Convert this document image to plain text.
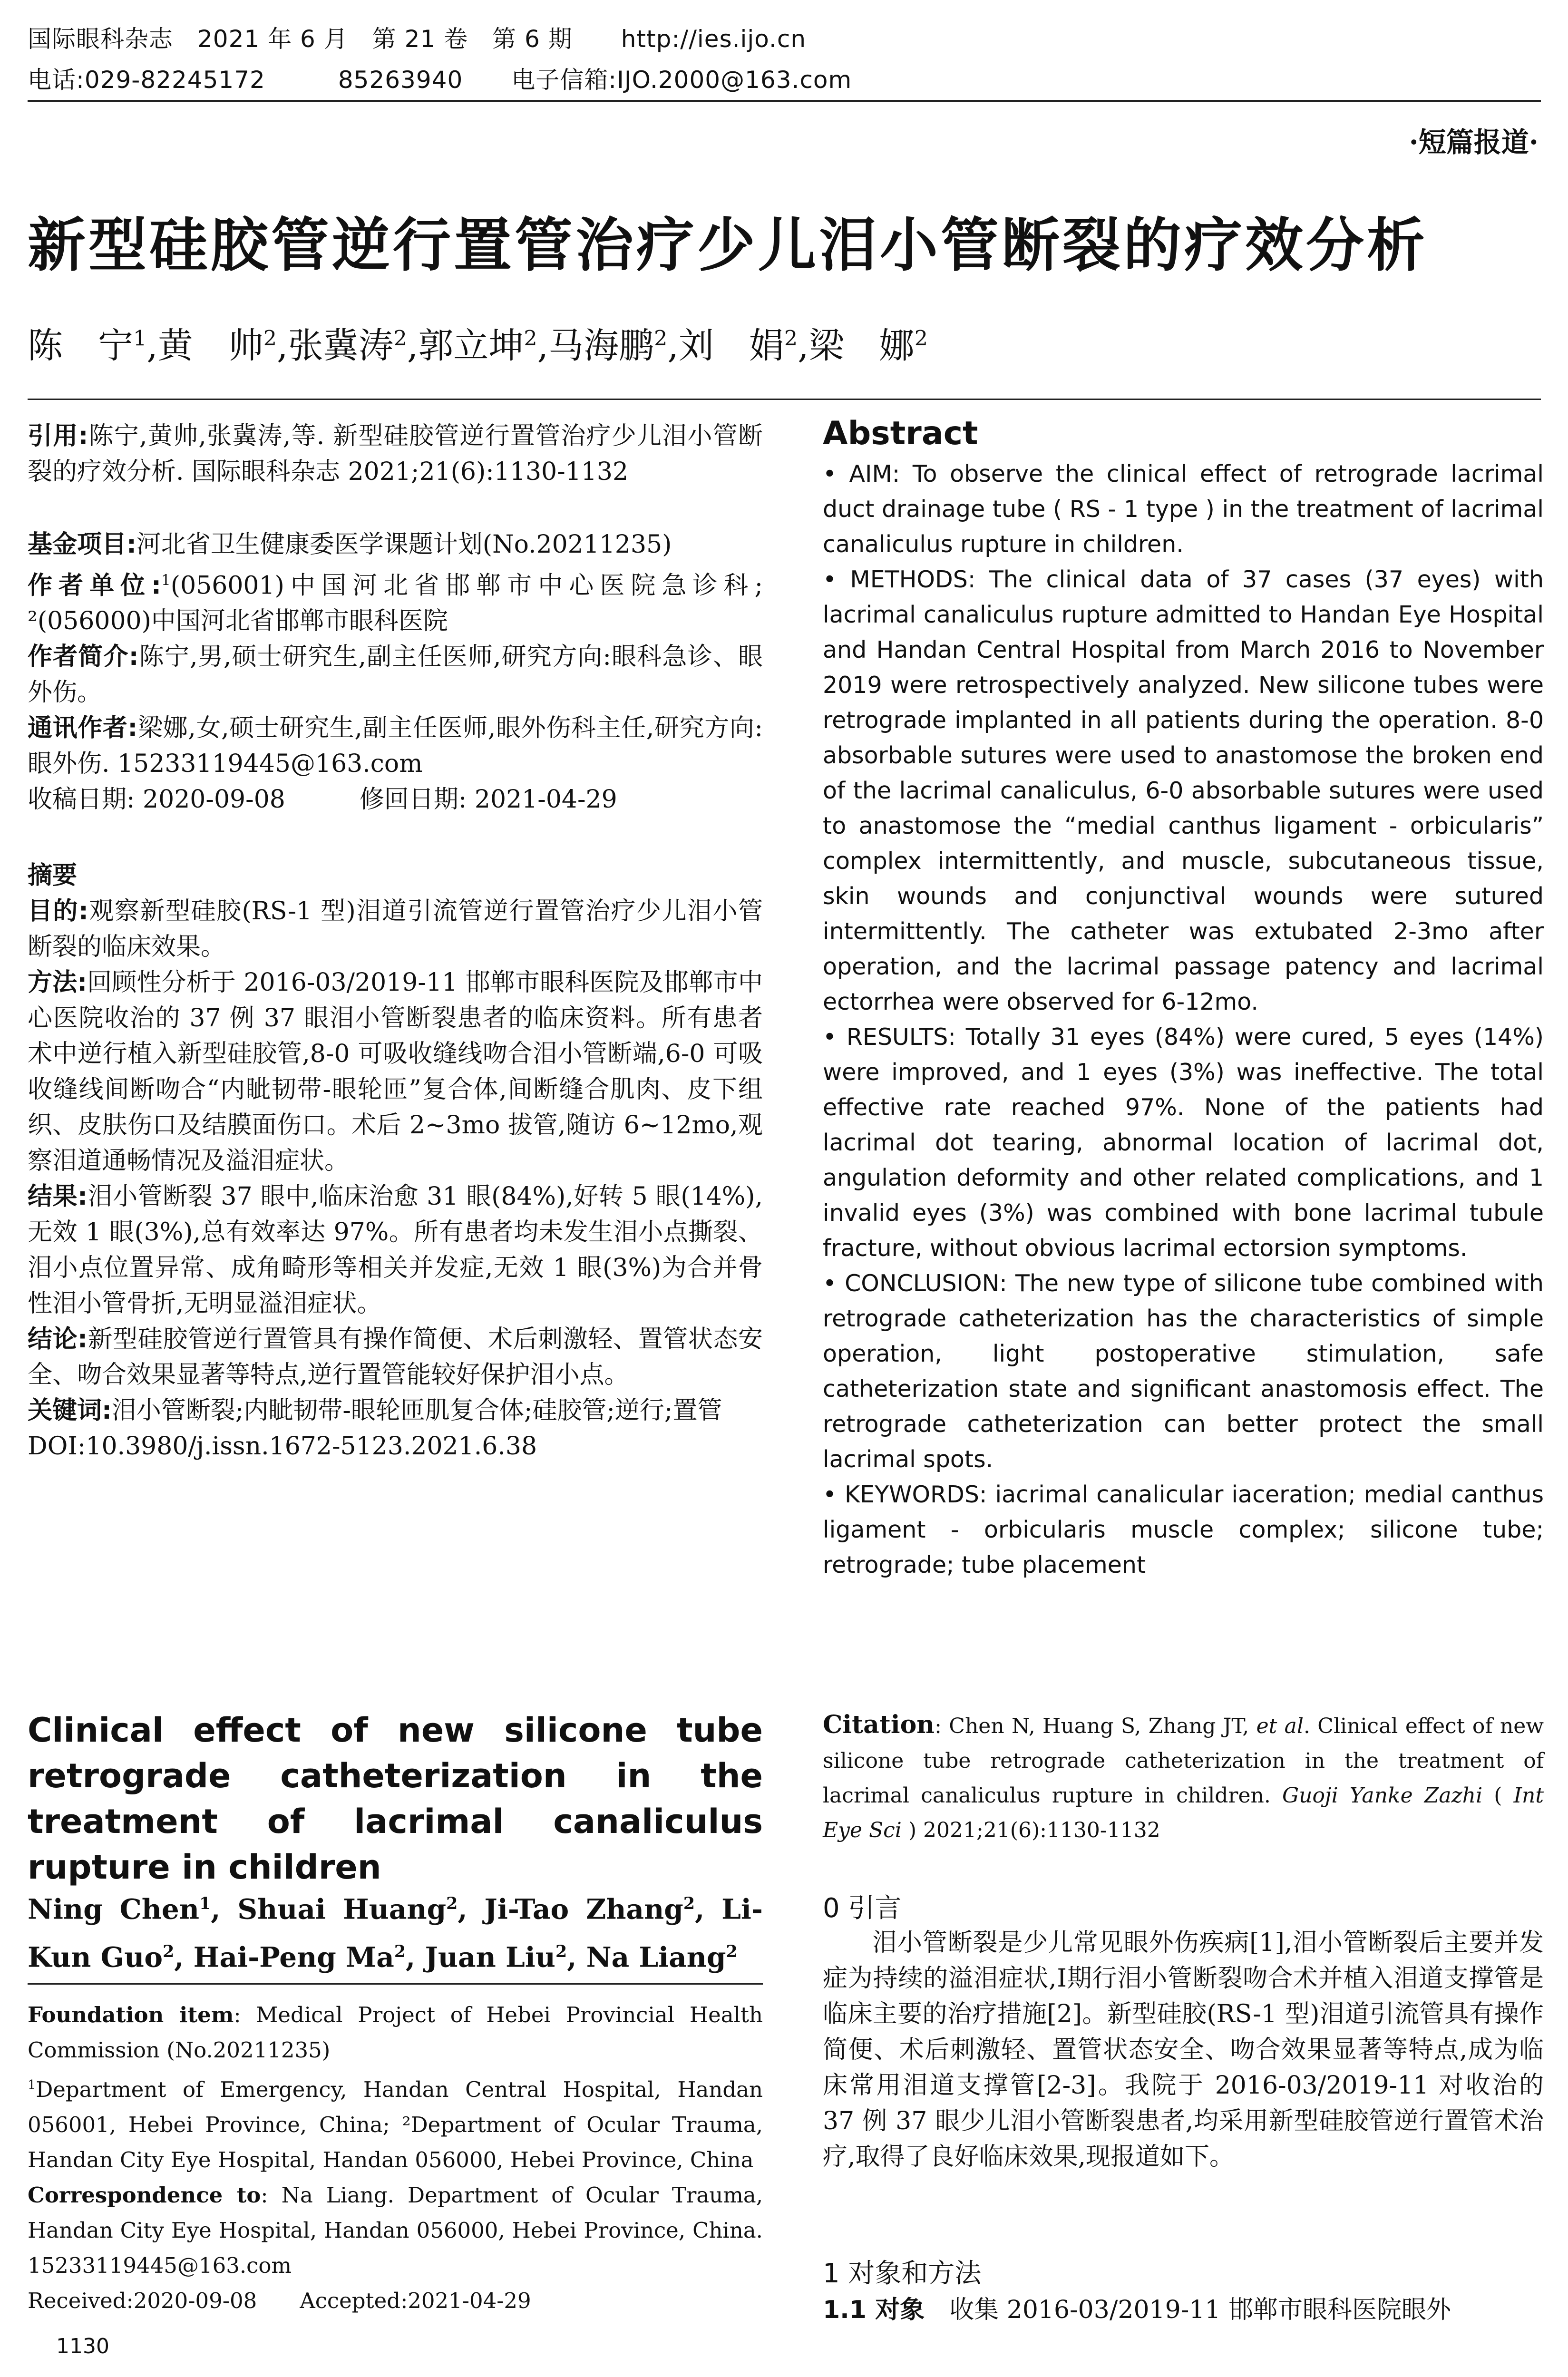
国际眼科杂志　2021 年 6 月　第 21 卷　第 6 期　　http://ies.ijo.cn
电话:029-82245172　　　85263940　　电子信箱:IJO.2000@163.com
·短篇报道·
新型硅胶管逆行置管治疗少儿泪小管断裂的疗效分析
陈　宁$^1$,黄　帅$^2$,张冀涛$^2$,郭立坤$^2$,马海鹏$^2$,刘　娟$^2$,梁　娜$^2$
引用:陈宁,黄帅,张冀涛,等. 新型硅胶管逆行置管治疗少儿泪小管断裂的疗效分析. 国际眼科杂志 2021;21(6):1130-1132

基金项目:河北省卫生健康委医学课题计划(No.20211235)

作者单位:$^1$(056001)中国河北省邯郸市中心医院急诊科; ²(056000)中国河北省邯郸市眼科医院

作者简介:陈宁,男,硕士研究生,副主任医师,研究方向:眼科急诊、眼外伤。

通讯作者:梁娜,女,硕士研究生,副主任医师,眼外伤科主任,研究方向:眼外伤. 15233119445@163.com

收稿日期: 2020-09-08　　　修回日期: 2021-04-29

摘要

目的:观察新型硅胶(RS-1 型)泪道引流管逆行置管治疗少儿泪小管断裂的临床效果。

方法:回顾性分析于 2016-03/2019-11 邯郸市眼科医院及邯郸市中心医院收治的 37 例 37 眼泪小管断裂患者的临床资料。所有患者术中逆行植入新型硅胶管,8-0 可吸收缝线吻合泪小管断端,6-0 可吸收缝线间断吻合“内眦韧带-眼轮匝”复合体,间断缝合肌肉、皮下组织、皮肤伤口及结膜面伤口。术后 2~3mo 拔管,随访 6~12mo,观察泪道通畅情况及溢泪症状。

结果:泪小管断裂 37 眼中,临床治愈 31 眼(84%),好转 5 眼(14%),无效 1 眼(3%),总有效率达 97%。所有患者均未发生泪小点撕裂、泪小点位置异常、成角畸形等相关并发症,无效 1 眼(3%)为合并骨性泪小管骨折,无明显溢泪症状。

结论:新型硅胶管逆行置管具有操作简便、术后刺激轻、置管状态安全、吻合效果显著等特点,逆行置管能较好保护泪小点。

关键词:泪小管断裂;内眦韧带-眼轮匝肌复合体;硅胶管;逆行;置管

DOI:10.3980/j.issn.1672-5123.2021.6.38

Clinical effect of new silicone tube retrograde catheterization in the treatment of lacrimal canaliculus rupture in children
Ning Chen$^1$, Shuai Huang$^2$, Ji-Tao Zhang$^2$, Li-Kun Guo$^2$, Hai-Peng Ma$^2$, Juan Liu$^2$, Na Liang$^2$

Foundation item: Medical Project of Hebei Provincial Health Commission (No.20211235)

$^1$Department of Emergency, Handan Central Hospital, Handan 056001, Hebei Province, China; ²Department of Ocular Trauma, Handan City Eye Hospital, Handan 056000, Hebei Province, China

Correspondence to: Na Liang. Department of Ocular Trauma, Handan City Eye Hospital, Handan 056000, Hebei Province, China. 15233119445@163.com

Received:2020-09-08　　Accepted:2021-04-29

1130
Abstract

• AIM: To observe the clinical effect of retrograde lacrimal duct drainage tube ( RS - 1 type ) in the treatment of lacrimal canaliculus rupture in children.

• METHODS: The clinical data of 37 cases (37 eyes) with lacrimal canaliculus rupture admitted to Handan Eye Hospital and Handan Central Hospital from March 2016 to November 2019 were retrospectively analyzed. New silicone tubes were retrograde implanted in all patients during the operation. 8-0 absorbable sutures were used to anastomose the broken end of the lacrimal canaliculus, 6-0 absorbable sutures were used to anastomose the “medial canthus ligament - orbicularis” complex intermittently, and muscle, subcutaneous tissue, skin wounds and conjunctival wounds were sutured intermittently. The catheter was extubated 2-3mo after operation, and the lacrimal passage patency and lacrimal ectorrhea were observed for 6-12mo.

• RESULTS: Totally 31 eyes (84%) were cured, 5 eyes (14%) were improved, and 1 eyes (3%) was ineffective. The total effective rate reached 97%. None of the patients had lacrimal dot tearing, abnormal location of lacrimal dot, angulation deformity and other related complications, and 1 invalid eyes (3%) was combined with bone lacrimal tubule fracture, without obvious lacrimal ectorsion symptoms.

• CONCLUSION: The new type of silicone tube combined with retrograde catheterization has the characteristics of simple operation, light postoperative stimulation, safe catheterization state and significant anastomosis effect. The retrograde catheterization can better protect the small lacrimal spots.

• KEYWORDS: iacrimal canalicular iaceration; medial canthus ligament - orbicularis muscle complex; silicone tube; retrograde; tube placement

Citation: Chen N, Huang S, Zhang JT, et al. Clinical effect of new silicone tube retrograde catheterization in the treatment of lacrimal canaliculus rupture in children. Guoji Yanke Zazhi ( Int Eye Sci ) 2021;21(6):1130-1132
0 引言
泪小管断裂是少儿常见眼外伤疾病[1],泪小管断裂后主要并发症为持续的溢泪症状,Ⅰ期行泪小管断裂吻合术并植入泪道支撑管是临床主要的治疗措施[2]。新型硅胶(RS-1 型)泪道引流管具有操作简便、术后刺激轻、置管状态安全、吻合效果显著等特点,成为临床常用泪道支撑管[2-3]。我院于 2016-03/2019-11 对收治的 37 例 37 眼少儿泪小管断裂患者,均采用新型硅胶管逆行置管术治疗,取得了良好临床效果,现报道如下。
1 对象和方法
1.1 对象　收集 2016-03/2019-11 邯郸市眼科医院眼外
